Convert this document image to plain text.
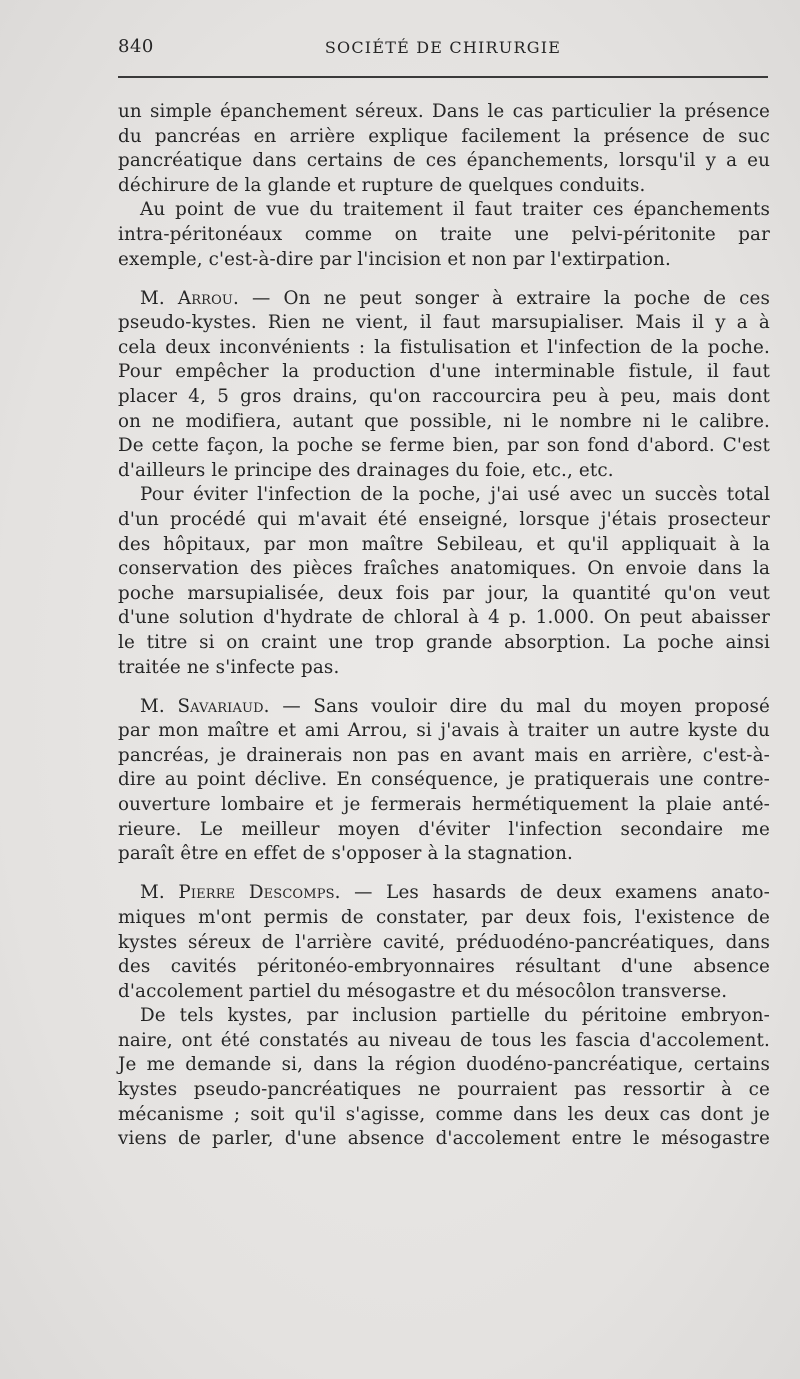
840	SOCIÉTÉ DE CHIRURGIE
un simple épanchement séreux. Dans le cas particulier la présence
du pancréas en arrière explique facilement la présence de suc
pancréatique dans certains de ces épanchements, lorsqu'il y a eu
déchirure de la glande et rupture de quelques conduits.
Au point de vue du traitement il faut traiter ces épanchements
intra-péritonéaux comme on traite une pelvi-péritonite par
exemple, c'est-à-dire par l'incision et non par l'extirpation.
M. Arrou. — On ne peut songer à extraire la poche de ces
pseudo-kystes. Rien ne vient, il faut marsupialiser. Mais il y a à
cela deux inconvénients : la fistulisation et l'infection de la poche.
Pour empêcher la production d'une interminable fistule, il faut
placer 4, 5 gros drains, qu'on raccourcira peu à peu, mais dont
on ne modifiera, autant que possible, ni le nombre ni le calibre.
De cette façon, la poche se ferme bien, par son fond d'abord. C'est
d'ailleurs le principe des drainages du foie, etc., etc.
Pour éviter l'infection de la poche, j'ai usé avec un succès total
d'un procédé qui m'avait été enseigné, lorsque j'étais prosecteur
des hôpitaux, par mon maître Sebileau, et qu'il appliquait à la
conservation des pièces fraîches anatomiques. On envoie dans la
poche marsupialisée, deux fois par jour, la quantité qu'on veut
d'une solution d'hydrate de chloral à 4 p. 1.000. On peut abaisser
le titre si on craint une trop grande absorption. La poche ainsi
traitée ne s'infecte pas.
M. Savariaud. — Sans vouloir dire du mal du moyen proposé
par mon maître et ami Arrou, si j'avais à traiter un autre kyste du
pancréas, je drainerais non pas en avant mais en arrière, c'est-à-
dire au point déclive. En conséquence, je pratiquerais une contre-
ouverture lombaire et je fermerais hermétiquement la plaie anté-
rieure. Le meilleur moyen d'éviter l'infection secondaire me
paraît être en effet de s'opposer à la stagnation.
M. Pierre Descomps. — Les hasards de deux examens anato-
miques m'ont permis de constater, par deux fois, l'existence de
kystes séreux de l'arrière cavité, préduodéno-pancréatiques, dans
des cavités péritonéo-embryonnaires résultant d'une absence
d'accolement partiel du mésogastre et du mésocôlon transverse.
De tels kystes, par inclusion partielle du péritoine embryon-
naire, ont été constatés au niveau de tous les fascia d'accolement.
Je me demande si, dans la région duodéno-pancréatique, certains
kystes pseudo-pancréatiques ne pourraient pas ressortir à ce
mécanisme ; soit qu'il s'agisse, comme dans les deux cas dont je
viens de parler, d'une absence d'accolement entre le mésogastre
